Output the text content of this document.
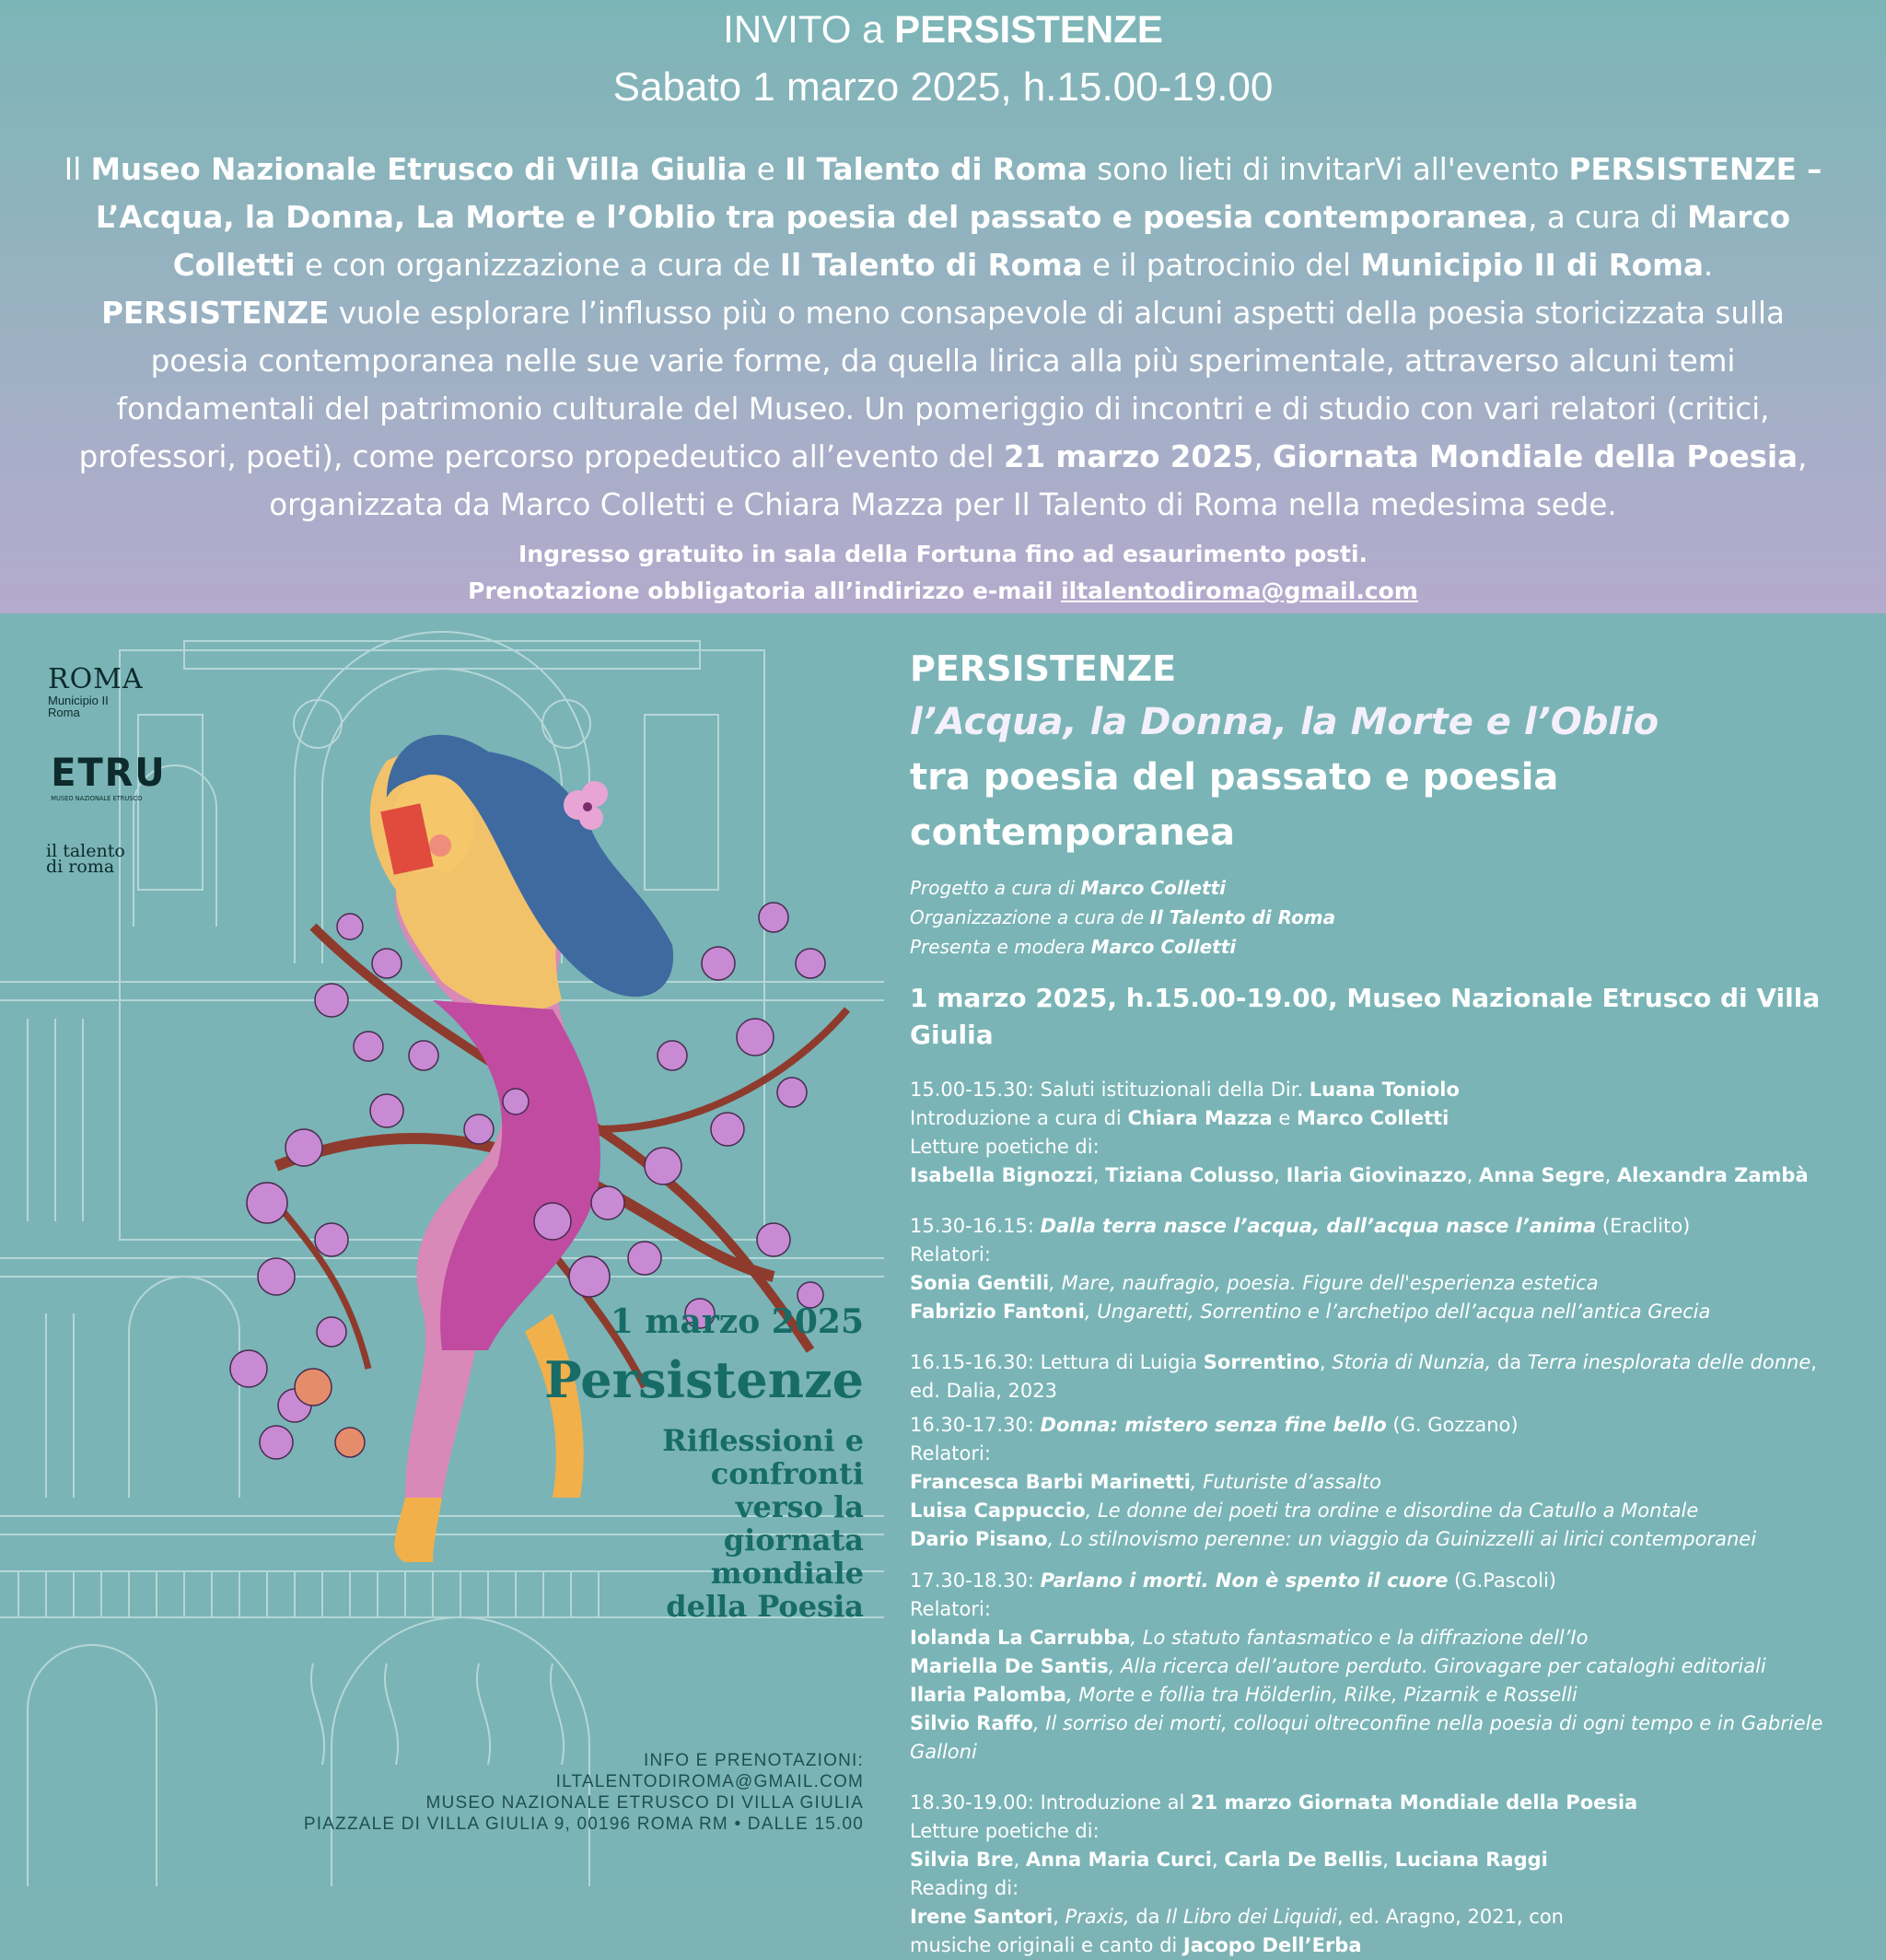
INVITO a PERSISTENZE
Sabato 1 marzo 2025, h.15.00-19.00
Il Museo Nazionale Etrusco di Villa Giulia e Il Talento di Roma sono lieti di invitarVi all'evento PERSISTENZE – L’Acqua, la Donna, La Morte e l’Oblio tra poesia del passato e poesia contemporanea, a cura di Marco Colletti e con organizzazione a cura de Il Talento di Roma e il patrocinio del Municipio II di Roma. PERSISTENZE vuole esplorare l’influsso più o meno consapevole di alcuni aspetti della poesia storicizzata sulla poesia contemporanea nelle sue varie forme, da quella lirica alla più sperimentale, attraverso alcuni temi fondamentali del patrimonio culturale del Museo. Un pomeriggio di incontri e di studio con vari relatori (critici, professori, poeti), come percorso propedeutico all’evento del 21 marzo 2025, Giornata Mondiale della Poesia, organizzata da Marco Colletti e Chiara Mazza per Il Talento di Roma nella medesima sede.
Ingresso gratuito in sala della Fortuna fino ad esaurimento posti.
Prenotazione obbligatoria all’indirizzo e-mail iltalentodiroma@gmail.com
ROMA
Municipio II
Roma
ETRU
MUSEO NAZIONALE ETRUSCO
il talento
di roma
1 marzo 2025
Persistenze
Riflessioni e
confronti
verso la
giornata
mondiale
della Poesia
INFO E PRENOTAZIONI:
ILTALENTODIROMA@GMAIL.COM
MUSEO NAZIONALE ETRUSCO DI VILLA GIULIA
PIAZZALE DI VILLA GIULIA 9, 00196 ROMA RM • DALLE 15.00
PERSISTENZE
l’Acqua, la Donna, la Morte e l’Oblio
tra poesia del passato e poesia contemporanea
Progetto a cura di Marco Colletti
Organizzazione a cura de Il Talento di Roma
Presenta e modera Marco Colletti
1 marzo 2025, h.15.00-19.00, Museo Nazionale Etrusco di Villa Giulia

15.00-15.30: Saluti istituzionali della Dir. Luana Toniolo

Introduzione a cura di Chiara Mazza e Marco Colletti

Letture poetiche di:

Isabella Bignozzi, Tiziana Colusso, Ilaria Giovinazzo, Anna Segre, Alexandra Zambà

15.30-16.15: Dalla terra nasce l’acqua, dall’acqua nasce l’anima (Eraclito)

Relatori:

Sonia Gentili, Mare, naufragio, poesia. Figure dell'esperienza estetica

Fabrizio Fantoni, Ungaretti, Sorrentino e l’archetipo dell’acqua nell’antica Grecia

16.15-16.30: Lettura di Luigia Sorrentino, Storia di Nunzia, da Terra inesplorata delle donne,

ed. Dalia, 2023

16.30-17.30: Donna: mistero senza fine bello (G. Gozzano)

Relatori:

Francesca Barbi Marinetti, Futuriste d’assalto

Luisa Cappuccio, Le donne dei poeti tra ordine e disordine da Catullo a Montale

Dario Pisano, Lo stilnovismo perenne: un viaggio da Guinizzelli ai lirici contemporanei

17.30-18.30: Parlano i morti. Non è spento il cuore (G.Pascoli)

Relatori:

Iolanda La Carrubba, Lo statuto fantasmatico e la diffrazione dell’Io

Mariella De Santis, Alla ricerca dell’autore perduto. Girovagare per cataloghi editoriali

Ilaria Palomba, Morte e follia tra Hölderlin, Rilke, Pizarnik e Rosselli

Silvio Raffo, Il sorriso dei morti, colloqui oltreconfine nella poesia di ogni tempo e in Gabriele Galloni

18.30-19.00: Introduzione al 21 marzo Giornata Mondiale della Poesia

Letture poetiche di:

Silvia Bre, Anna Maria Curci, Carla De Bellis, Luciana Raggi

Reading di:

Irene Santori, Praxis, da Il Libro dei Liquidi, ed. Aragno, 2021, con

musiche originali e canto di Jacopo Dell’Erba
